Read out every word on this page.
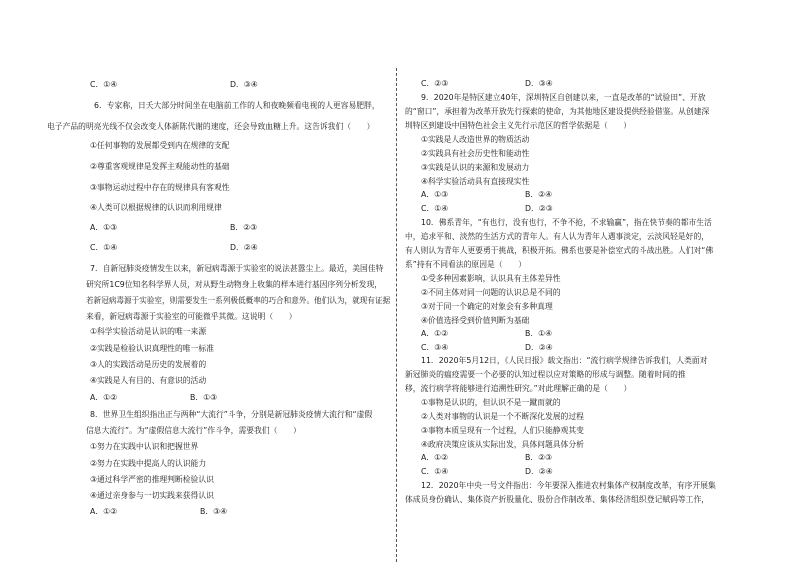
C．①④	D．③④
6．专家称，日夭大部分时间坐在电脑前工作的人和夜晚频看电视的人更容易肥胖，
电子产品的明亮光线不仅会改变人体新陈代谢的速度，还会导致血糖上升。这告诉我们（　　）
①任何事物的发展都受到内在规律的支配
②尊重客观规律是发挥主观能动性的基础
③事物运动过程中存在的规律具有客观性
④人类可以根据规律的认识而利用规律
A．①③	B．②③
C．①④	D．②④
7．自新冠肺炎疫情发生以来，新冠病毒源于实验室的说法甚嚣尘上。最近，美国佳特
研究所1C9位知名科学界人员，对从野生动物身上收集的样本进行基因序列分析发现，
若新冠病毒源于实验室，则需要发生一系列极低概率的巧合和意外。他们认为，就现有证据
来看，新冠病毒源于实验室的可能微乎其微。这说明（　　）
①科学实验活动是认识的唯一来源
②实践是检验认识真理性的唯一标准
③人的实践活动是历史的发展着的
④实践是人有目的、有意识的活动
A．①②	B．①③
8．世界卫生组织指出正与两种“大流行”斗争，分别是新冠肺炎疫情大流行和“虚假
信息大流行”。为“虚假信息大流行”作斗争，需要我们（　　）
①努力在实践中认识和把握世界
②努力在实践中提高人的认识能力
③通过科学严密的推理判断检验认识
④通过亲身参与一切实践来获得认识
A．①②	B．③④
C．②③	D．③④
9．2020年是特区建立40年，深圳特区自创建以来，一直是改革的“试验田”、开放
的“窗口”，承担着为改革开放先行探索的使命，为其他地区建设提供经验借鉴。从创建深
圳特区到建设中国特色社会主义先行示范区的哲学依据是（　　）
①实践是人改造世界的物质活动
②实践具有社会历史性和能动性
③实践是认识的来源和发展动力
④科学实验活动具有直接现实性
A．①③	B．②④
C．①④	D．②③
10．佛系青年，“有也行，没有也行，不争不抢，不求输赢”，指在快节奏的都市生活
中，追求平和、淡然的生活方式的青年人。有人认为青年人遇事淡定，云淡风轻是好的，
有人则认为青年人更要勇于挑战，积极开拓。佛系也要是补偿室式的斗战出胜。人们对“佛
系”持有不同看法的原因是（　　）
①受多种因素影响，认识具有主体差异性
②不同主体对同一问题的认识总是不同的
③对于同一个确定的对象会有多种真理
④价值选择受到价值判断为基础
A．①②	B．①④
C．③④	D．②④
11．2020年5月12日，《人民日报》载文指出：“流行病学规律告诉我们，人类面对
新冠肺炎的瘟疫需要一个必要的认知过程以应对策略的形成与调整。随着时间的推
移，流行病学将能够进行追溯性研究。”对此理解正确的是（　　）
①事物是认识的，但认识不是一蹴而就的
②人类对事物的认识是一个不断深化发展的过程
③事物本质呈现有一个过程，人们只能静观其变
④政府决策应该从实际出发，具体问题具体分析
A．①②	B．②③
C．①④	D．②④
12．2020年中央一号文件指出：今年要深入推进农村集体产权制度改革，有序开展集
体成员身份确认、集体资产折股量化、股份合作制改革、集体经济组织登记赋码等工作，
